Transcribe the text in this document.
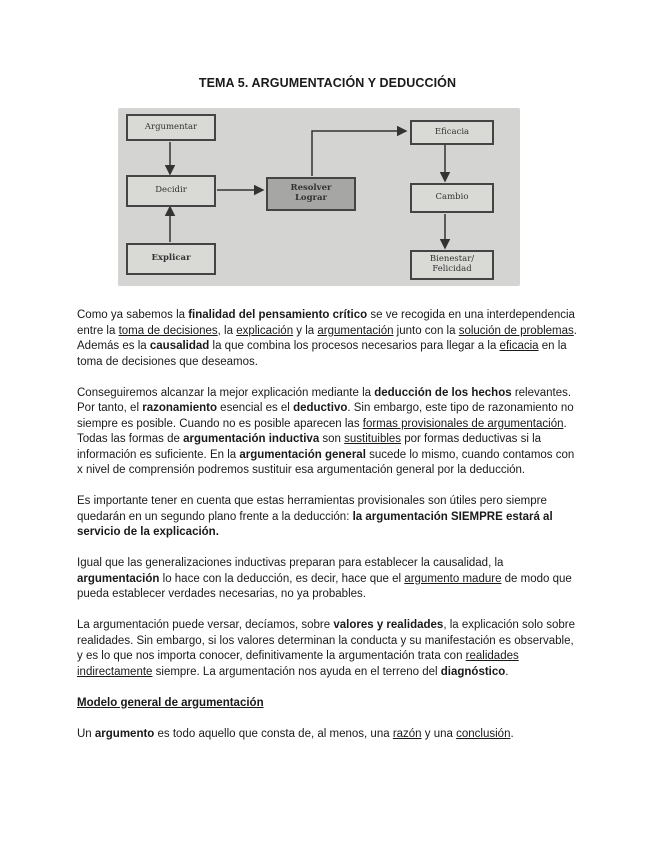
TEMA 5. ARGUMENTACIÓN Y DEDUCCIÓN
Argumentar
Decidir
Explicar
Resolver
Lograr
Eficacia
Cambio
Bienestar/
Felicidad

Como ya sabemos la finalidad del pensamiento crítico se ve recogida en una interdependencia entre la toma de decisiones, la explicación y la argumentación junto con la solución de problemas. Además es la causalidad la que combina los procesos necesarios para llegar a la eficacia en la toma de decisiones que deseamos.

Conseguiremos alcanzar la mejor explicación mediante la deducción de los hechos relevantes.
Por tanto, el razonamiento esencial es el deductivo. Sin embargo, este tipo de razonamiento no siempre es posible. Cuando no es posible aparecen las formas provisionales de argumentación.
Todas las formas de argumentación inductiva son sustituibles por formas deductivas si la información es suficiente. En la argumentación general sucede lo mismo, cuando contamos con x nivel de comprensión podremos sustituir esa argumentación general por la deducción.

Es importante tener en cuenta que estas herramientas provisionales son útiles pero siempre quedarán en un segundo plano frente a la deducción: la argumentación SIEMPRE estará al servicio de la explicación.

Igual que las generalizaciones inductivas preparan para establecer la causalidad, la argumentación lo hace con la deducción, es decir, hace que el argumento madure de modo que pueda establecer verdades necesarias, no ya probables.

La argumentación puede versar, decíamos, sobre valores y realidades, la explicación solo sobre realidades. Sin embargo, si los valores determinan la conducta y su manifestación es observable, y es lo que nos importa conocer, definitivamente la argumentación trata con realidades indirectamente siempre. La argumentación nos ayuda en el terreno del diagnóstico.

Modelo general de argumentación

Un argumento es todo aquello que consta de, al menos, una razón y una conclusión.
